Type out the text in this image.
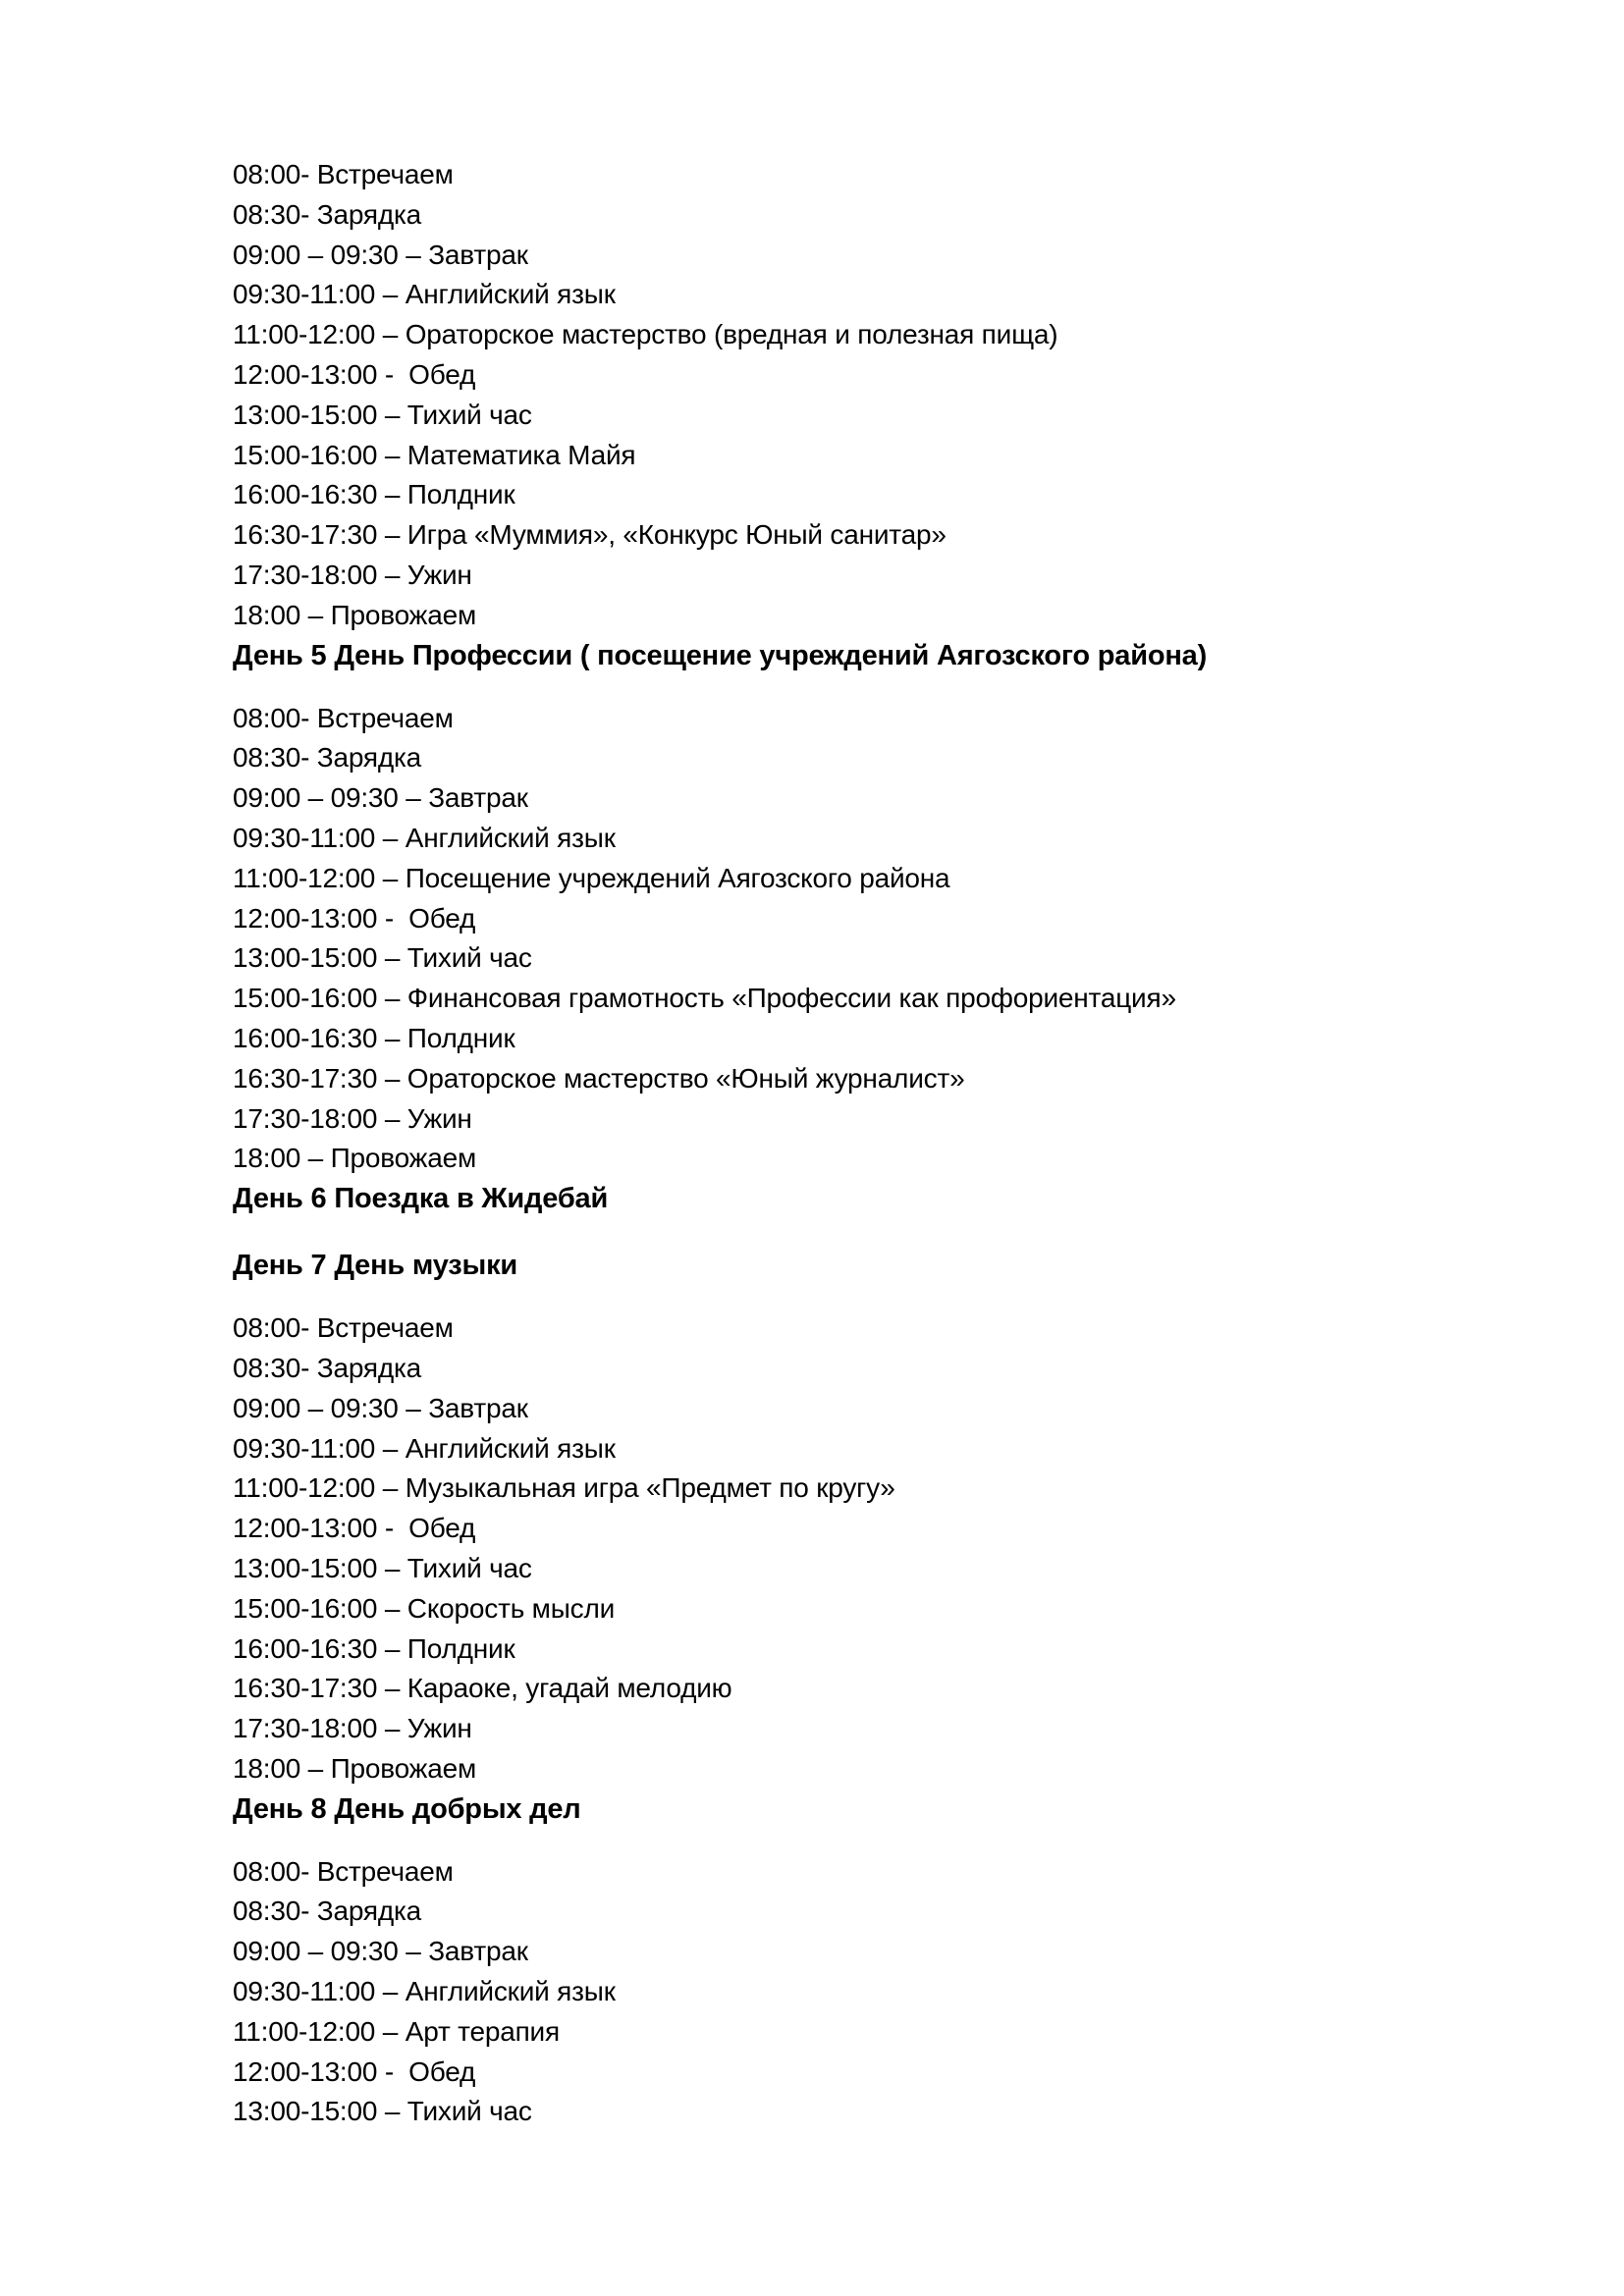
08:00- Встречаем
08:30- Зарядка
09:00 – 09:30 – Завтрак
09:30-11:00 – Английский язык
11:00-12:00 – Ораторское мастерство (вредная и полезная пища)
12:00-13:00 -  Обед
13:00-15:00 – Тихий час
15:00-16:00 – Математика Майя
16:00-16:30 – Полдник
16:30-17:30 – Игра «Муммия», «Конкурс Юный санитар»
17:30-18:00 – Ужин
18:00 – Провожаем
День 5 День Профессии ( посещение учреждений Аягозского района)
08:00- Встречаем
08:30- Зарядка
09:00 – 09:30 – Завтрак
09:30-11:00 – Английский язык
11:00-12:00 – Посещение учреждений Аягозского района
12:00-13:00 -  Обед
13:00-15:00 – Тихий час
15:00-16:00 – Финансовая грамотность «Профессии как профориентация»
16:00-16:30 – Полдник
16:30-17:30 – Ораторское мастерство «Юный журналист»
17:30-18:00 – Ужин
18:00 – Провожаем
День 6 Поездка в Жидебай
День 7 День музыки
08:00- Встречаем
08:30- Зарядка
09:00 – 09:30 – Завтрак
09:30-11:00 – Английский язык
11:00-12:00 – Музыкальная игра «Предмет по кругу»
12:00-13:00 -  Обед
13:00-15:00 – Тихий час
15:00-16:00 – Скорость мысли
16:00-16:30 – Полдник
16:30-17:30 – Караоке, угадай мелодию
17:30-18:00 – Ужин
18:00 – Провожаем
День 8 День добрых дел
08:00- Встречаем
08:30- Зарядка
09:00 – 09:30 – Завтрак
09:30-11:00 – Английский язык
11:00-12:00 – Арт терапия
12:00-13:00 -  Обед
13:00-15:00 – Тихий час
